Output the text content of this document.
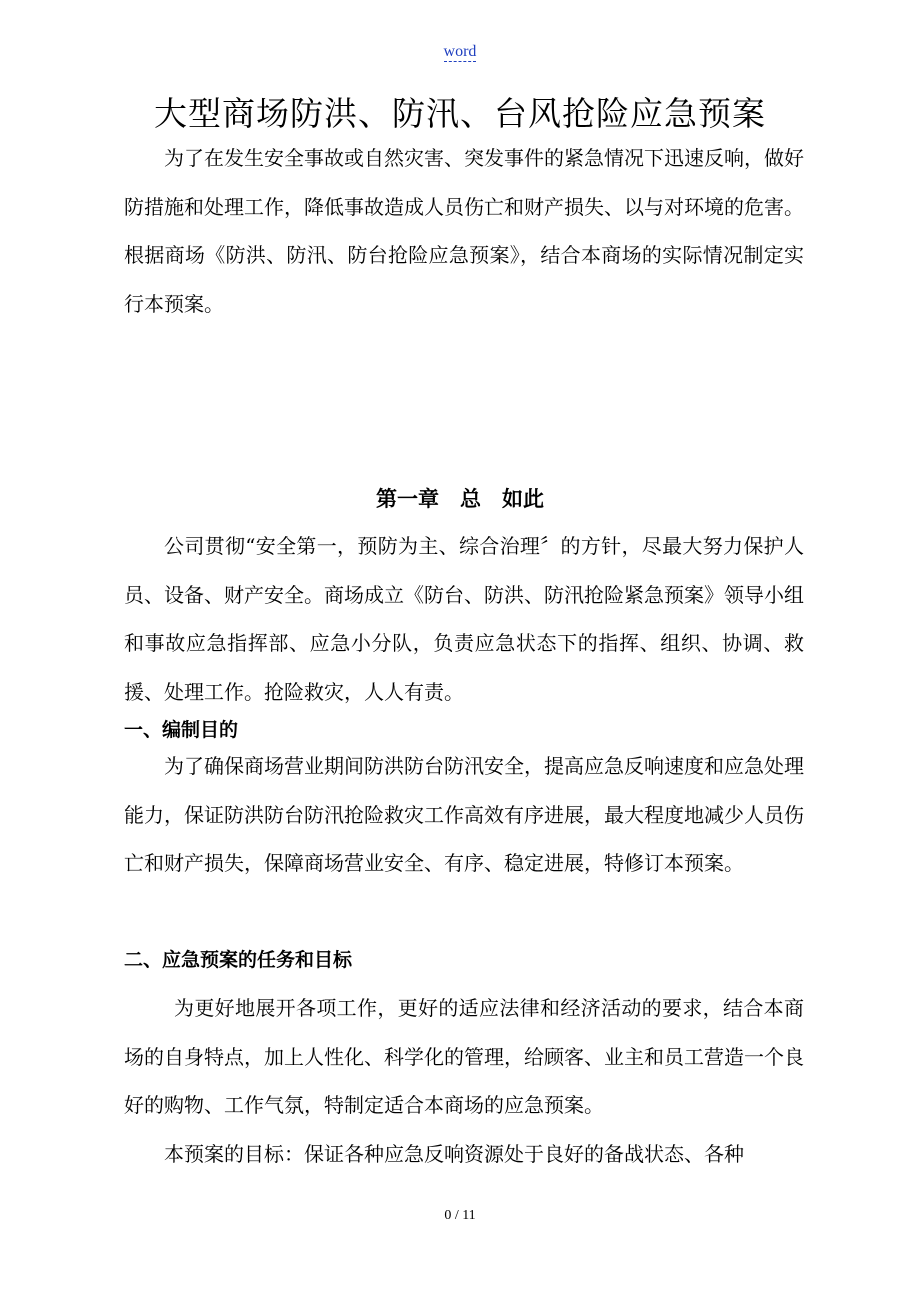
word
大型商场防洪、防汛、台风抢险应急预案

为了在发生安全事故或自然灾害、突发事件的紧急情况下迅速反响，做好防措施和处理工作，降低事故造成人员伤亡和财产损失、以与对环境的危害。根据商场《防洪、防汛、防台抢险应急预案》，结合本商场的实际情况制定实行本预案。

第一章　总　如此

公司贯彻“安全第一，预防为主、综合治理〞的方针，尽最大努力保护人员、设备、财产安全。商场成立《防台、防洪、防汛抢险紧急预案》领导小组和事故应急指挥部、应急小分队，负责应急状态下的指挥、组织、协调、救援、处理工作。抢险救灾，人人有责。

一、编制目的

为了确保商场营业期间防洪防台防汛安全，提高应急反响速度和应急处理能力，保证防洪防台防汛抢险救灾工作高效有序进展，最大程度地减少人员伤亡和财产损失，保障商场营业安全、有序、稳定进展，特修订本预案。

二、应急预案的任务和目标

为更好地展开各项工作，更好的适应法律和经济活动的要求，结合本商场的自身特点，加上人性化、科学化的管理，给顾客、业主和员工营造一个良好的购物、工作气氛，特制定适合本商场的应急预案。

本预案的目标：保证各种应急反响资源处于良好的备战状态、各种

0 / 11
